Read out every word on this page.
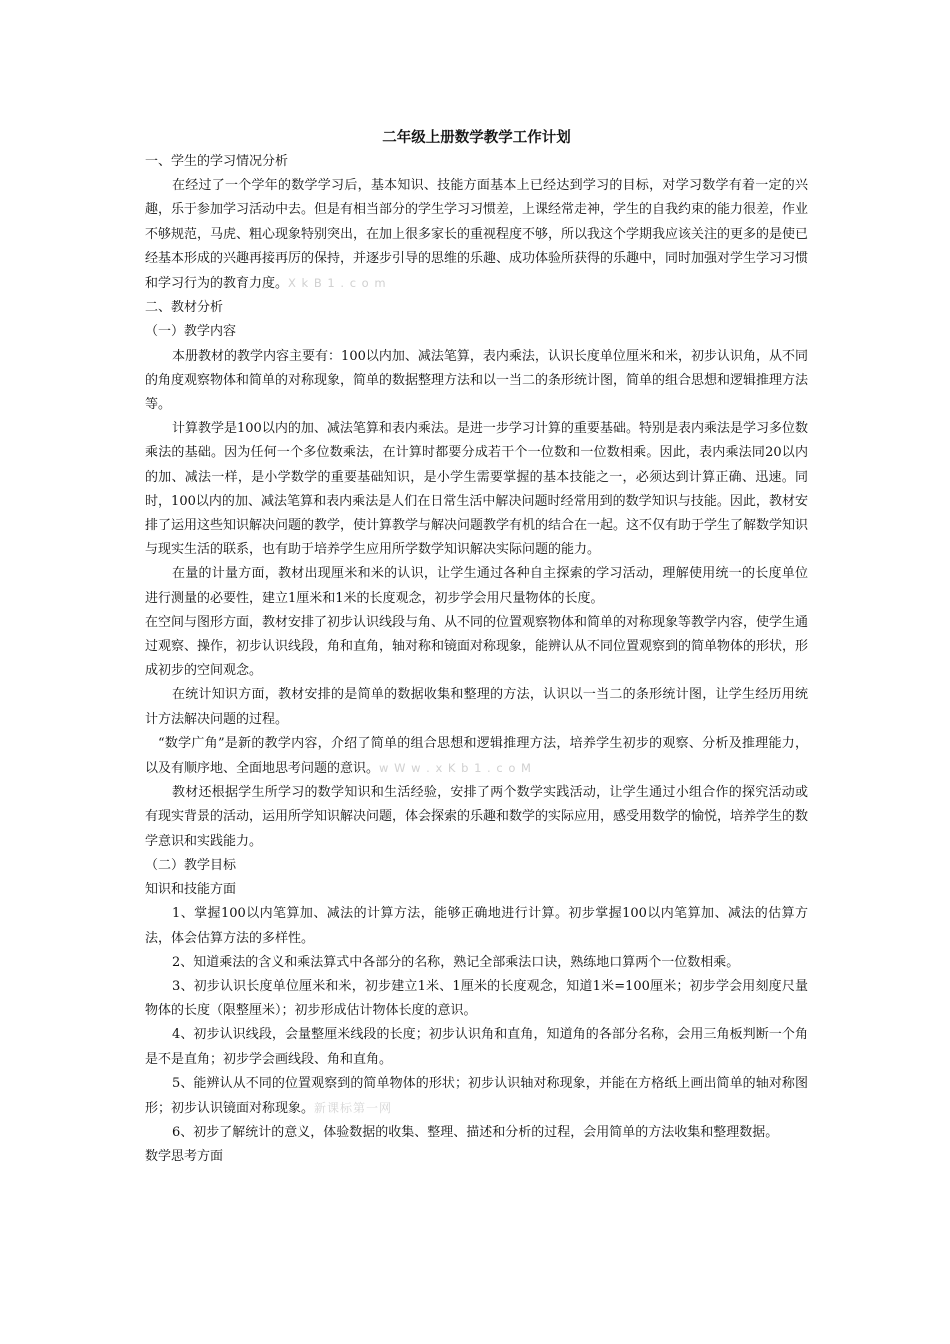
二年级上册数学教学工作计划

一、学生的学习情况分析

在经过了一个学年的数学学习后，基本知识、技能方面基本上已经达到学习的目标，对学习数学有着一定的兴趣，乐于参加学习活动中去。但是有相当部分的学生学习习惯差，上课经常走神，学生的自我约束的能力很差，作业不够规范，马虎、粗心现象特别突出，在加上很多家长的重视程度不够，所以我这个学期我应该关注的更多的是使已经基本形成的兴趣再接再厉的保持，并逐步引导的思维的乐趣、成功体验所获得的乐趣中，同时加强对学生学习习惯和学习行为的教育力度。X k B 1 . c o m

二、教材分析

（一）教学内容

本册教材的教学内容主要有：100以内加、减法笔算，表内乘法，认识长度单位厘米和米，初步认识角，从不同的角度观察物体和简单的对称现象，简单的数据整理方法和以一当二的条形统计图，简单的组合思想和逻辑推理方法等。

计算教学是100以内的加、减法笔算和表内乘法。是进一步学习计算的重要基础。特别是表内乘法是学习多位数乘法的基础。因为任何一个多位数乘法，在计算时都要分成若干个一位数和一位数相乘。因此，表内乘法同20以内的加、减法一样，是小学数学的重要基础知识，是小学生需要掌握的基本技能之一，必须达到计算正确、迅速。同时，100以内的加、减法笔算和表内乘法是人们在日常生活中解决问题时经常用到的数学知识与技能。因此，教材安排了运用这些知识解决问题的教学，使计算教学与解决问题教学有机的结合在一起。这不仅有助于学生了解数学知识与现实生活的联系，也有助于培养学生应用所学数学知识解决实际问题的能力。

在量的计量方面，教材出现厘米和米的认识，让学生通过各种自主探索的学习活动，理解使用统一的长度单位进行测量的必要性，建立1厘米和1米的长度观念，初步学会用尺量物体的长度。

在空间与图形方面，教材安排了初步认识线段与角、从不同的位置观察物体和简单的对称现象等教学内容，使学生通过观察、操作，初步认识线段，角和直角，轴对称和镜面对称现象，能辨认从不同位置观察到的简单物体的形状，形成初步的空间观念。

在统计知识方面，教材安排的是简单的数据收集和整理的方法，认识以一当二的条形统计图，让学生经历用统计方法解决问题的过程。

“数学广角”是新的教学内容，介绍了简单的组合思想和逻辑推理方法，培养学生初步的观察、分析及推理能力，以及有顺序地、全面地思考问题的意识。w W w . x K b 1 . c o M

教材还根据学生所学习的数学知识和生活经验，安排了两个数学实践活动，让学生通过小组合作的探究活动或有现实背景的活动，运用所学知识解决问题，体会探索的乐趣和数学的实际应用，感受用数学的愉悦，培养学生的数学意识和实践能力。

（二）教学目标

知识和技能方面

1、掌握100以内笔算加、减法的计算方法，能够正确地进行计算。初步掌握100以内笔算加、减法的估算方法，体会估算方法的多样性。

2、知道乘法的含义和乘法算式中各部分的名称，熟记全部乘法口诀，熟练地口算两个一位数相乘。

3、初步认识长度单位厘米和米，初步建立1米、1厘米的长度观念，知道1米=100厘米；初步学会用刻度尺量物体的长度（限整厘米）；初步形成估计物体长度的意识。

4、初步认识线段，会量整厘米线段的长度；初步认识角和直角，知道角的各部分名称，会用三角板判断一个角是不是直角；初步学会画线段、角和直角。

5、能辨认从不同的位置观察到的简单物体的形状；初步认识轴对称现象，并能在方格纸上画出简单的轴对称图形；初步认识镜面对称现象。新课标第一网

6、初步了解统计的意义，体验数据的收集、整理、描述和分析的过程，会用简单的方法收集和整理数据。

数学思考方面
